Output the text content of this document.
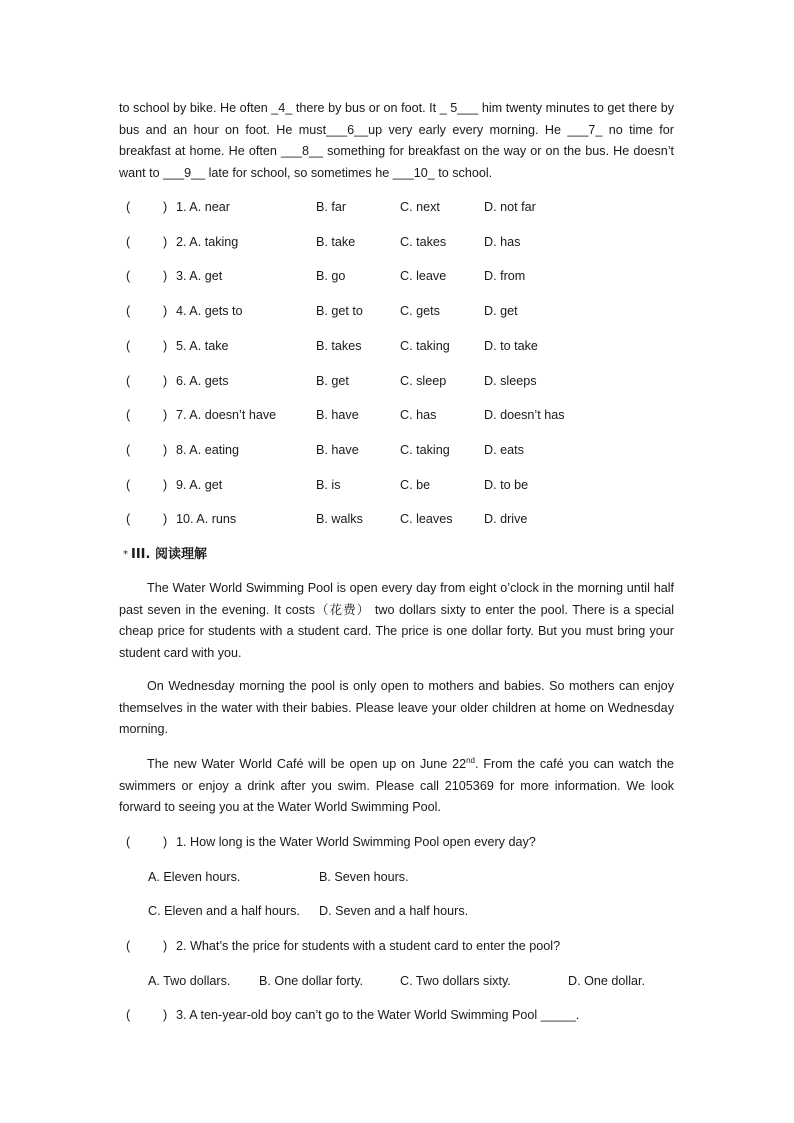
to school by bike. He often _4_ there by bus or on foot. It _ 5___ him twenty minutes to get there by bus and an hour on foot. He must___6__up very early every morning. He ___7_ no time for breakfast at home. He often ___8__ something for breakfast on the way or on the bus. He doesn’t want to ___9__ late for school, so sometimes he ___10_ to school.

(	) 1. A. near	B. far	C. next	D. not far
(	) 2. A. taking	B. take	C. takes	D. has
(	) 3. A. get	B. go	C. leave	D. from
(	) 4. A. gets to	B. get to	C. gets	D. get
(	) 5. A. take	B. takes	C. taking	D. to take
(	) 6. A. gets	B. get	C. sleep	D. sleeps
(	) 7. A. doesn’t have	B. have	C. has	D. doesn’t has
(	) 8. A. eating	B. have	C. taking	D. eats
(	) 9. A. get	B. is	C. be	D. to be
(	) 10. A. runs	B. walks	C. leaves	D. drive
* III. 阅读理解

The Water World Swimming Pool is open every day from eight o’clock in the morning until half past seven in the evening. It costs（花费） two dollars sixty to enter the pool. There is a special cheap price for students with a student card. The price is one dollar forty. But you must bring your student card with you.

On Wednesday morning the pool is only open to mothers and babies. So mothers can enjoy themselves in the water with their babies. Please leave your older children at home on Wednesday morning.

The new Water World Café will be open up on June 22nd. From the café you can watch the swimmers or enjoy a drink after you swim. Please call 2105369 for more information. We look forward to seeing you at the Water World Swimming Pool.

(	) 1. How long is the Water World Swimming Pool open every day?
A. Eleven hours.	B. Seven hours.
C. Eleven and a half hours. D. Seven and a half hours.
(	) 2. What’s the price for students with a student card to enter the pool?
A. Two dollars. B. One dollar forty.	C. Two dollars sixty.	D. One dollar.
(	) 3. A ten-year-old boy can’t go to the Water World Swimming Pool _____.
